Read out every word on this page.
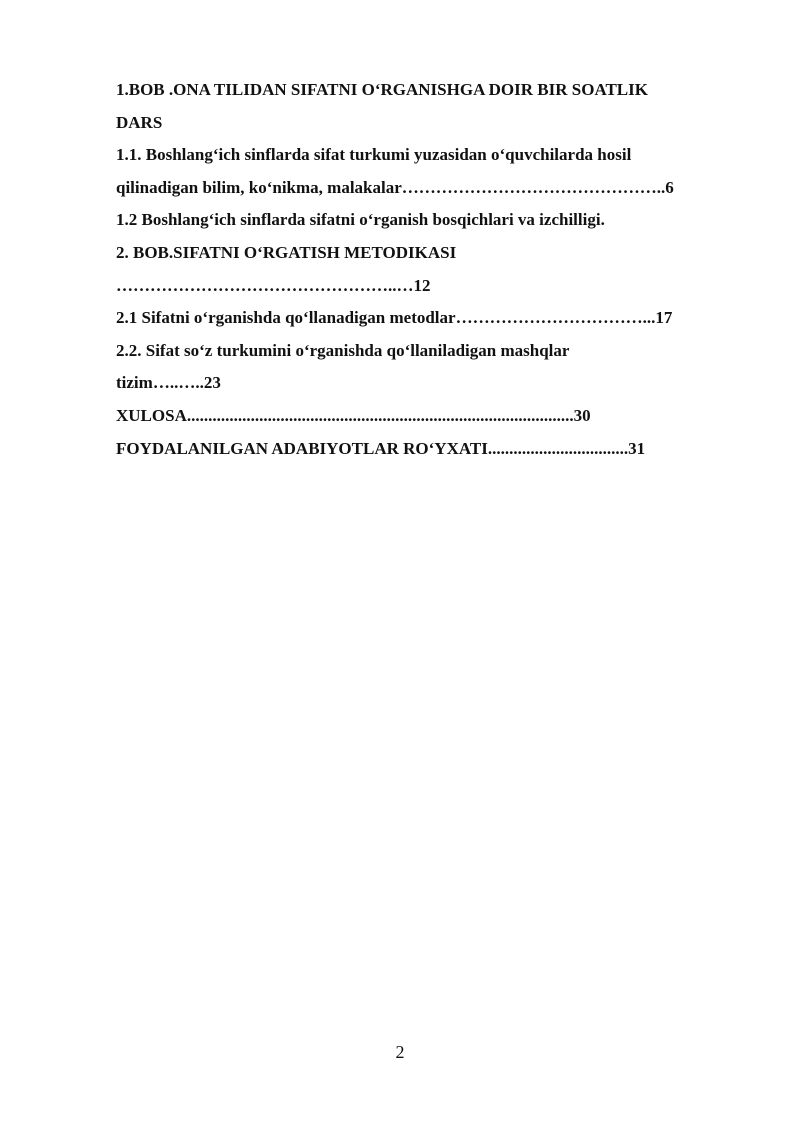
1.BOB .ONA TILIDAN SIFATNI O‘RGANISHGA DOIR BIR SOATLIK
DARS
1.1. Boshlang‘ich sinflarda sifat turkumi yuzasidan o‘quvchilarda hosil
qilinadigan bilim, ko‘nikma, malakalar………………………………………..6
1.2 Boshlang‘ich sinflarda sifatni o‘rganish bosqichlari va izchilligi.
2. BOB.SIFATNI O‘RGATISH METODIKASI
…………………………………………..…12
2.1 Sifatni o‘rganishda qo‘llanadigan metodlar……………………………...17
2.2. Sifat so‘z turkumini o‘rganishda qo‘llaniladigan mashqlar
tizim…..…..23
XULOSA...........................................................................................30
FOYDALANILGAN ADABIYOTLAR RO‘YXATI.................................31
2
